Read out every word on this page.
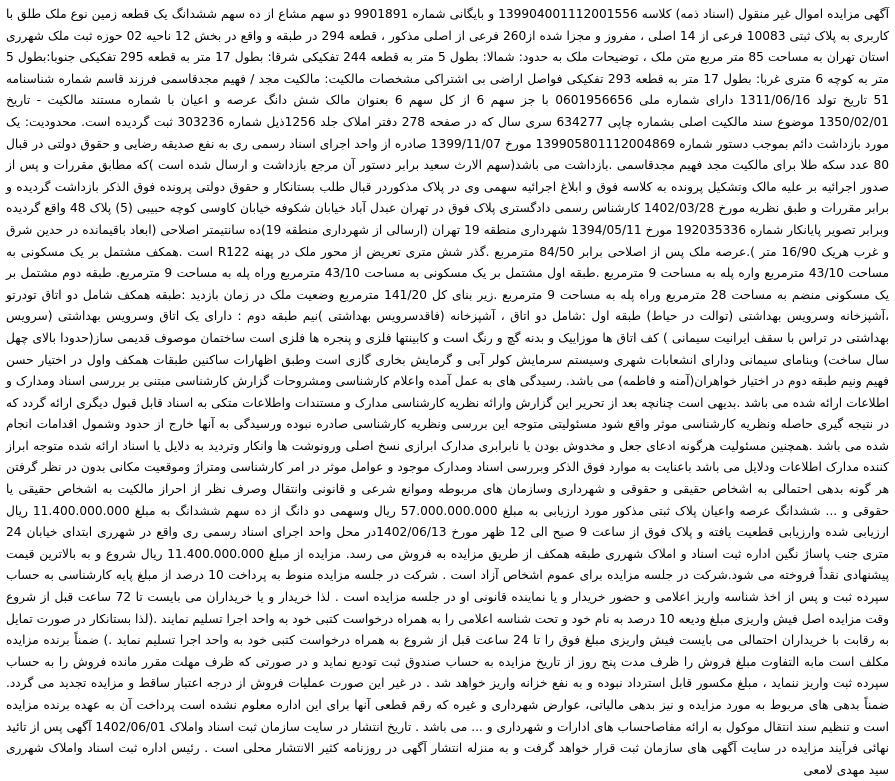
آگهی مزایده اموال غیر منقول (اسناد ذمه) کلاسه 139904001112001556 و بایگانی شماره 9901891 دو سهم مشاع از ده سهم ششدانگ یک قطعه زمین نوع ملک طلق با کاربری به پلاک ثبتی 10083 فرعی از 14 اصلی ، مفروز و مجزا شده از260 فرعی از اصلی مذکور ، قطعه 294 در طبقه و واقع در بخش 12 ناحیه 02 حوزه ثبت ملک شهرری استان تهران به مساحت 85 متر مربع متن ملک ، توضیحات ملک به حدود: شمالا: بطول 5 متر به قطعه 244 تفکیکی شرقا: بطول 17 متر به قطعه 295 تفکیکی جنوبا:بطول 5 متر به کوچه 6 متری غربا: بطول 17 متر به قطعه 293 تفکیکی فواصل اراضی بی اشتراکی مشخصات مالکیت: مالکیت مجد / فهیم مجدقاسمی فرزند قاسم شماره شناسنامه 51 تاریخ تولد 1311/06/16 دارای شماره ملی 0601956656 با جز سهم 6 از کل سهم 6 بعنوان مالک شش دانگ عرصه و اعیان با شماره مستند مالکیت - تاریخ 1350/02/01 موضوع سند مالکیت اصلی بشماره چاپی 634277 سری سال که در صفحه 278 دفتر املاک جلد 1256ذیل شماره 303236 ثبت گردیده است. محدودیت: یک مورد بازداشت دائم بموجب دستور شماره 139905801112004869 مورخ 1399/11/07 صادره از واحد اجرای اسناد رسمی ری به نفع صدیقه رضایی و حقوق دولتی در قبال 80 عدد سکه طلا برای مالکیت مجد فهیم مجدقاسمی .بازداشت می باشد(سهم الارث سعید برابر دستور آن مرجع بازداشت و ارسال شده است )که مطابق مقررات و پس از صدور اجرائیه بر علیه مالک وتشکیل پرونده به کلاسه فوق و ابلاغ اجرائیه سهمی وی در پلاک مذکوردر قبال طلب بستانکار و حقوق دولتی پرونده فوق الذکر بازداشت گردیده و برابر مقررات و طبق نظریه مورخ 1402/03/28 کارشناس رسمی دادگستری پلاک فوق در تهران عبدل آباد خیابان شکوفه خیابان کاوسی کوچه حبیبی (5) پلاک 48 واقع گردیده وبرابر تصویر پایانکار شماره 192035336 مورخ 1394/05/11 شهرداری منطقه 19 تهران (ارسالی از شهرداری منطقه 19)ده سانتیمتر اصلاحی (ابعاد باقیمانده در حدین شرق و غرب هریک 16/90 متر ).عرصه ملک پس از اصلاحی برابر 84/50 مترمربع .گذر شش متری تعریض از محور ملک در پهنه R122 است .همکف مشتمل بر یک مسکونی به مساحت 43/10 مترمربع واره پله به مساحت 9 مترمربع .طبقه اول مشتمل بر یک مسکونی به مساحت 43/10 مترمربع وراه پله به مساحت 9 مترمربع. طبقه دوم مشتمل بر یک مسکونی منضم به مساحت 28 مترمربع وراه پله به مساحت 9 مترمربع .زیر بنای کل 141/20 مترمربع وضعیت ملک در زمان بازدید :طبقه همکف شامل دو اتاق تودرتو ،آشپزخانه وسرویس بهداشتی (توالت در حیاط) طبقه اول :شامل دو اتاق ، آشپزخانه (فاقدسرویس بهداشتی )نیم طبقه دوم : دارای یک اتاق وسرویس بهداشتی (سرویس بهداشتی در تراس با سقف ایرانیت سیمانی ) کف اتاق ها موزاییک و بدنه گچ و رنگ است و کابینتها فلزی و پنجره ها فلزی است ساختمان موصوف قدیمی ساز(حدودا بالای چهل سال ساخت) وبنامای سیمانی ودارای انشعابات شهری وسیستم سرمایش کولر آبی و گرمایش بخاری گازی است وطبق اظهارات ساکنین طبقات همکف واول در اختیار حسن فهیم ونیم طبقه دوم در اختیار خواهران(آمنه و فاطمه) می باشد. رسیدگی های به عمل آمده واعلام کارشناسی ومشروحات گزارش کارشناسی مبتنی بر بررسی اسناد ومدارک و اطلاعات ارائه شده می باشد .بدیهی است چنانچه بعد از تحریر این گزارش وارائه نظریه کارشناسی مدارک و مستندات واطلاعات متکی به اسناد قابل قبول دیگری ارائه گردد که در نتیجه گیری حاصله ونظریه کارشناسی موثر واقع شود مسئولیتی متوجه این بررسی ونظریه کارشناسی صادره نبوده ورسیدگی به آنها خارج از حدود وشمول اقدامات انجام شده می باشد .همچنین مسئولیت هرگونه ادعای جعل و مخدوش بودن یا نابرابری مدارک ابرازی نسخ اصلی ورونوشت ها وانکار وتردید به دلایل یا اسناد ارائه شده متوجه ابراز کننده مدارک اطلاعات ودلایل می باشد باعنایت به موارد فوق الذکر وبررسی اسناد ومدارک موجود و عوامل موثر در امر کارشناسی ومتراژ وموقعیت مکانی بدون در نظر گرفتن هر گونه بدهی احتمالی به اشخاص حقیقی و حقوقی و شهرداری وسازمان های مربوطه وموانع شرعی و قانونی وانتقال وصرف نظر از احراز مالکیت به اشخاص حقیقی یا حقوقی و ... ششدانگ عرصه واعیان پلاک ثبتی مذکور مورد ارزیابی به مبلغ 57.000.000.000 ریال وسهمی دو دانگ از ده سهم ششدانگ به مبلغ 11.400.000.000 ریال ارزیابی شده وارزیابی قطعیت یافته و پلاک فوق از ساعت 9 صبح الی 12 ظهر مورخ 1402/06/13در محل واحد اجرای اسناد رسمی ری واقع در شهرری ابتدای خیابان 24 متری جنب پاساژ نگین اداره ثبت اسناد و املاک شهرری طبقه همکف از طریق مزایده به فروش می رسد. مزایده از مبلغ 11.400.000.000 ریال شروع و به بالاترین قیمت پیشنهادی نقداً فروخته می شود.شرکت در جلسه مزایده برای عموم اشخاص آزاد است . شرکت در جلسه مزایده منوط به پرداخت 10 درصد از مبلغ پایه کارشناسی به حساب سپرده ثبت و پس از اخذ شناسه واریز اعلامی و حضور خریدار و یا نماینده قانونی او در جلسه مزایده است . لذا خریدار و یا خریداران می بایست تا 72 ساعت قبل از شروع وقت مزایده اصل فیش واریزی مبلغ ودیعه 10 درصد به نام خود و تحت شناسه اعلامی را به همراه درخواست کتبی خود به واحد اجرا تسلیم نمایند .(لذا بستانکار در صورت تمایل به رقابت با خریداران احتمالی می بایست فیش واریزی مبلغ فوق را تا 24 ساعت قبل از شروع به همراه درخواست کتبی خود به واحد اجرا تسلیم نماید .) ضمناً برنده مزایده مکلف است مابه التفاوت مبلغ فروش را ظرف مدت پنج روز از تاریخ مزایده به حساب صندوق ثبت تودیع نماید و در صورتی که ظرف مهلت مقرر مانده فروش را به حساب سپرده ثبت واریز ننماید ، مبلغ مکسور قابل استرداد نبوده و به نفع خزانه واریز خواهد شد . در غیر این صورت عملیات فروش از درجه اعتبار ساقط و مزایده تجدید می گردد. ضمناً بدهی های مربوط به مورد مزایده و نیز بدهی مالیاتی، عوارض شهرداری و غیره که رقم قطعی آنها برای این اداره معلوم نشده است پرداخت آن به عهده برنده مزایده است و تنظیم سند انتقال موکول به ارائه مفاصاحساب های ادارات و شهرداری و ... می باشد . تاریخ انتشار در سایت سازمان ثبت اسناد واملاک 1402/06/01 آگهی پس از تائید نهائی فرآیند مزایده در سایت آگهی های سازمان ثبت قرار خواهد گرفت و به منزله انتشار آگهی در روزنامه کثیر الانتشار محلی است . رئیس اداره ثبت اسناد واملاک شهرری سید مهدی لامعی
